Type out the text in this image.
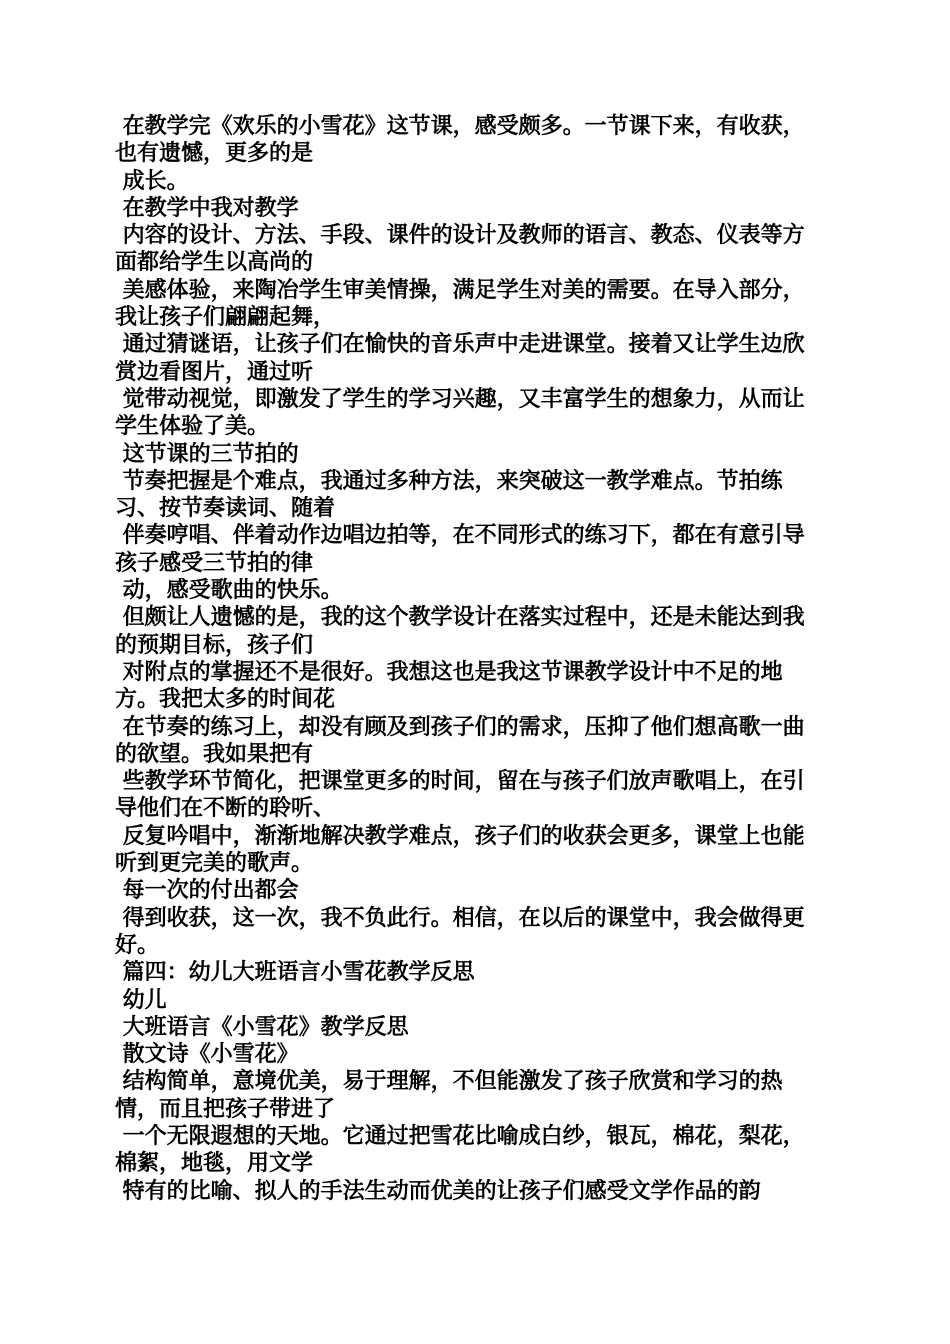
在教学完《欢乐的小雪花》这节课，感受颇多。一节课下来，有收获，也有遗憾，更多的是

成长。

在教学中我对教学

内容的设计、方法、手段、课件的设计及教师的语言、教态、仪表等方面都给学生以高尚的

美感体验，来陶冶学生审美情操，满足学生对美的需要。在导入部分，我让孩子们翩翩起舞，

通过猜谜语，让孩子们在愉快的音乐声中走进课堂。接着又让学生边欣赏边看图片，通过听

觉带动视觉，即激发了学生的学习兴趣，又丰富学生的想象力，从而让学生体验了美。

这节课的三节拍的

节奏把握是个难点，我通过多种方法，来突破这一教学难点。节拍练习、按节奏读词、随着

伴奏哼唱、伴着动作边唱边拍等，在不同形式的练习下，都在有意引导孩子感受三节拍的律

动，感受歌曲的快乐。

但颇让人遗憾的是，我的这个教学设计在落实过程中，还是未能达到我的预期目标，孩子们

对附点的掌握还不是很好。我想这也是我这节课教学设计中不足的地方。我把太多的时间花

在节奏的练习上，却没有顾及到孩子们的需求，压抑了他们想高歌一曲的欲望。我如果把有

些教学环节简化，把课堂更多的时间，留在与孩子们放声歌唱上，在引导他们在不断的聆听、

反复吟唱中，渐渐地解决教学难点，孩子们的收获会更多，课堂上也能听到更完美的歌声。

每一次的付出都会

得到收获，这一次，我不负此行。相信，在以后的课堂中，我会做得更好。

篇四：幼儿大班语言小雪花教学反思

幼儿

大班语言《小雪花》教学反思

散文诗《小雪花》

结构简单，意境优美，易于理解，不但能激发了孩子欣赏和学习的热情，而且把孩子带进了

一个无限遐想的天地。它通过把雪花比喻成白纱，银瓦，棉花，梨花，棉絮，地毯，用文学

特有的比喻、拟人的手法生动而优美的让孩子们感受文学作品的韵
